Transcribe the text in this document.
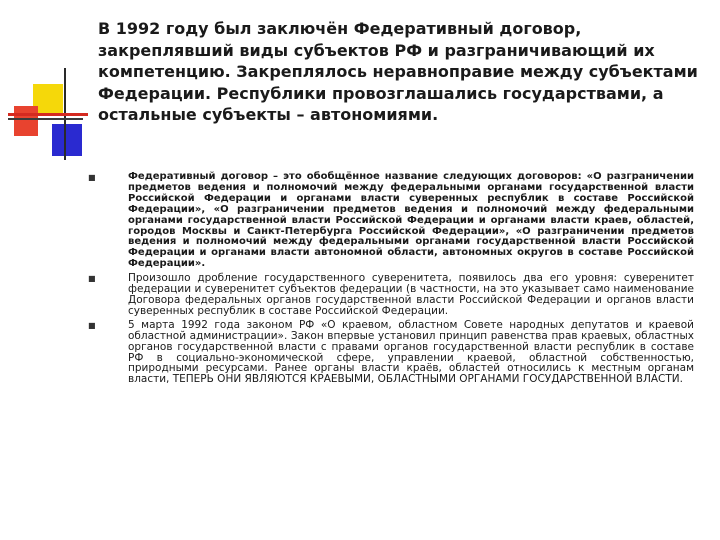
В 1992 году был заключён Федеративный договор, закреплявший виды субъектов РФ и разграничивающий их компетенцию. Закреплялось неравноправие между субъектами Федерации. Республики провозглашались государствами, а остальные субъекты – автономиями.
■	Федеративный договор – это обобщённое название следующих договоров: «О разграничении предметов ведения и полномочий между федеральными органами государственной власти Российской Федерации и органами власти суверенных республик в составе Российской Федерации», «О разграничении предметов ведения и полномочий между федеральными органами государственной власти Российской Федерации и органами власти краев, областей, городов Москвы и Санкт-Петербурга Российской Федерации», «О разграничении предметов ведения и полномочий между федеральными органами государственной власти Российской Федерации и органами власти автономной области, автономных округов в составе Российской Федерации».
■	Произошло дробление государственного суверенитета, появилось два его уровня: суверенитет федерации и суверенитет субъектов федерации (в частности, на это указывает само наименование Договора федеральных органов государственной власти Российской Федерации и органов власти суверенных республик в составе Российской Федерации.
■	5 марта 1992 года законом РФ «О краевом, областном Совете народных депутатов и краевой областной администрации». Закон впервые установил принцип равенства прав краевых, областных органов государственной власти с правами органов государственной власти республик в составе РФ в социально-экономической сфере, управлении краевой, областной собственностью, природными ресурсами. Ранее органы власти краёв, областей относились к местным органам власти, ТЕПЕРЬ ОНИ ЯВЛЯЮТСЯ КРАЕВЫМИ, ОБЛАСТНЫМИ ОРГАНАМИ ГОСУДАРСТВЕННОЙ ВЛАСТИ.
